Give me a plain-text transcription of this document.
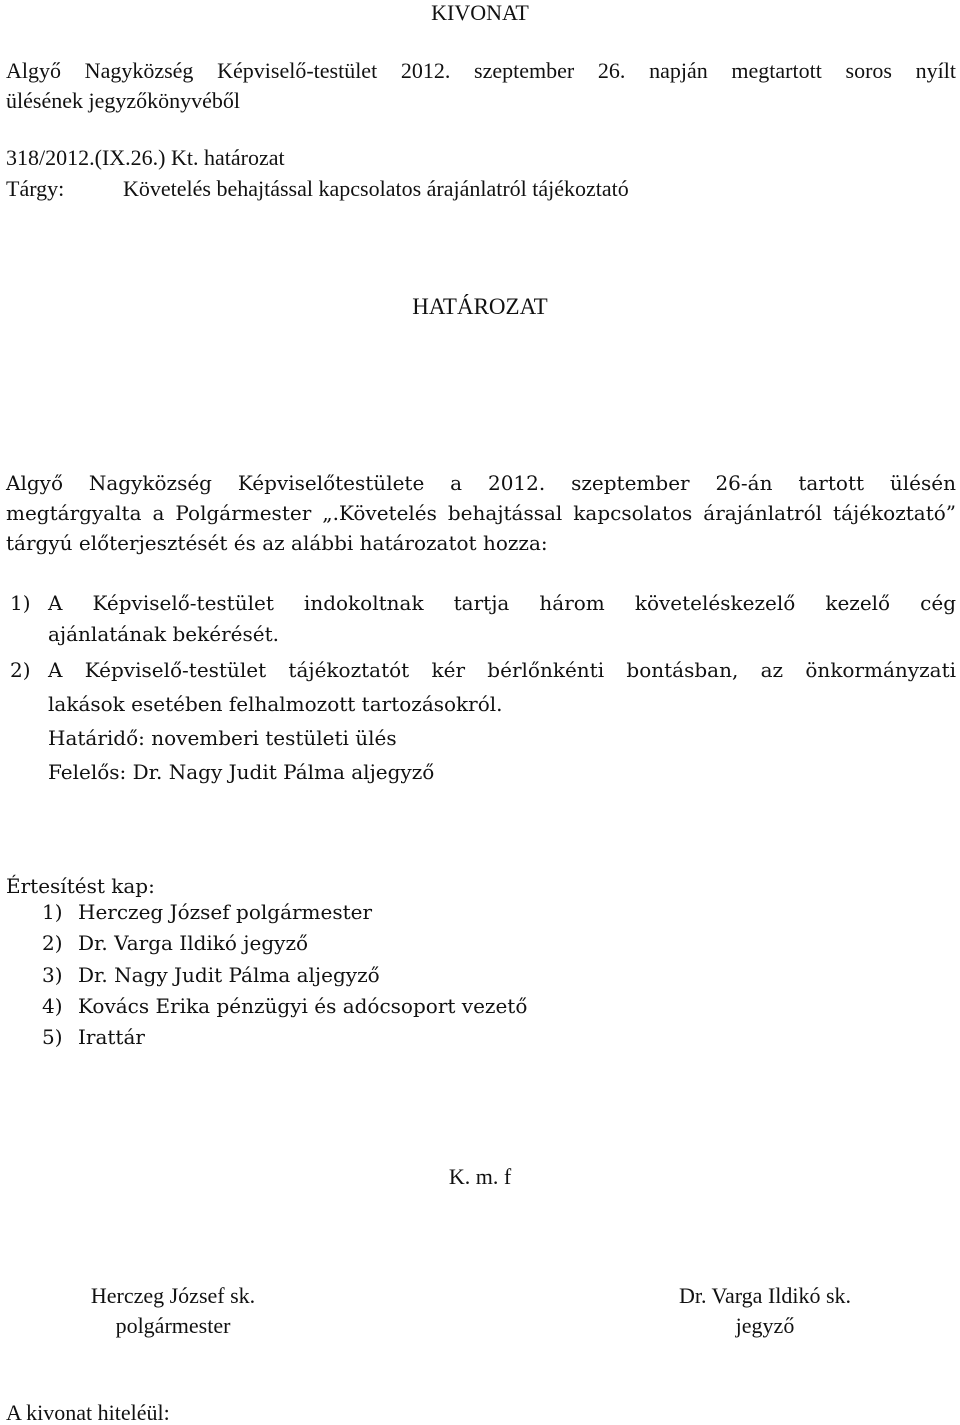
KIVONAT
Algyő Nagyközség Képviselő-testület 2012. szeptember 26. napján megtartott soros nyílt
ülésének jegyzőkönyvéből
318/2012.(IX.26.) Kt. határozat
Tárgy:	Követelés behajtással kapcsolatos árajánlatról tájékoztató
HATÁROZAT
Algyő Nagyközség Képviselőtestülete a 2012. szeptember 26-án tartott ülésén
megtárgyalta a Polgármester „.Követelés behajtással kapcsolatos árajánlatról tájékoztató”
tárgyú előterjesztését és az alábbi határozatot hozza:
1) A Képviselő-testület indokoltnak tartja három követeléskezelő kezelő cég
ajánlatának bekérését.
2) A Képviselő-testület tájékoztatót kér bérlőnkénti bontásban, az önkormányzati
lakások esetében felhalmozott tartozásokról.
Határidő: novemberi testületi ülés
Felelős: Dr. Nagy Judit Pálma aljegyző
Értesítést kap:
1) Herczeg József polgármester
2) Dr. Varga Ildikó jegyző
3) Dr. Nagy Judit Pálma aljegyző
4) Kovács Erika pénzügyi és adócsoport vezető
5) Irattár
K. m. f
Herczeg József sk.
polgármester
Dr. Varga Ildikó sk.
jegyző
A kivonat hiteléül:
